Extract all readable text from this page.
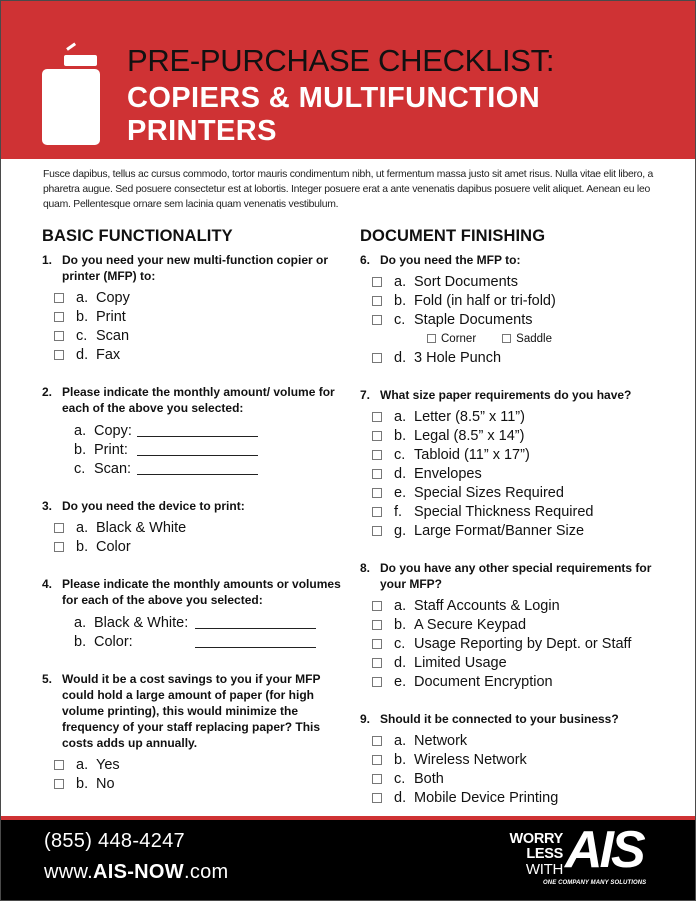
PRE-PURCHASE CHECKLIST:
COPIERS & MULTIFUNCTION
PRINTERS

Fusce dapibus, tellus ac cursus commodo, tortor mauris condimentum nibh, ut fermentum massa justo sit amet risus. Nulla vitae elit libero, a pharetra augue. Sed posuere consectetur est at lobortis. Integer posuere erat a ante venenatis dapibus posuere velit aliquet. Aenean eu leo quam. Pellentesque ornare sem lacinia quam venenatis vestibulum.

BASIC FUNCTIONALITY
1. Do you need your new multi-function copier or printer (MFP) to:
a. Copy
b. Print
c. Scan
d. Fax
2. Please indicate the monthly amount/ volume for each of the above you selected:
a. Copy:
b. Print:
c. Scan:
3. Do you need the device to print:
a. Black & White
b. Color
4. Please indicate the monthly amounts or volumes for each of the above you selected:
a. Black & White:
b. Color:
5. Would it be a cost savings to you if your MFP could hold a large amount of paper (for high volume printing), this would minimize the frequency of your staff replacing paper? This costs adds up annually.
a. Yes
b. No
DOCUMENT FINISHING
6. Do you need the MFP to:
a. Sort Documents
b. Fold (in half or tri-fold)
c. Staple Documents
Corner	Saddle
d. 3 Hole Punch
7. What size paper requirements do you have?
a. Letter (8.5” x 11”)
b. Legal (8.5” x 14”)
c. Tabloid (11” x 17”)
d. Envelopes
e. Special Sizes Required
f. Special Thickness Required
g. Large Format/Banner Size
8. Do you have any other special requirements for your MFP?
a. Staff Accounts & Login
b. A Secure Keypad
c. Usage Reporting by Dept. or Staff
d. Limited Usage
e. Document Encryption
9. Should it be connected to your business?
a. Network
b. Wireless Network
c. Both
d. Mobile Device Printing
(855) 448-4247
www.AIS-NOW.com
WORRY
LESS
WITH AIS
ONE COMPANY MANY SOLUTIONS
